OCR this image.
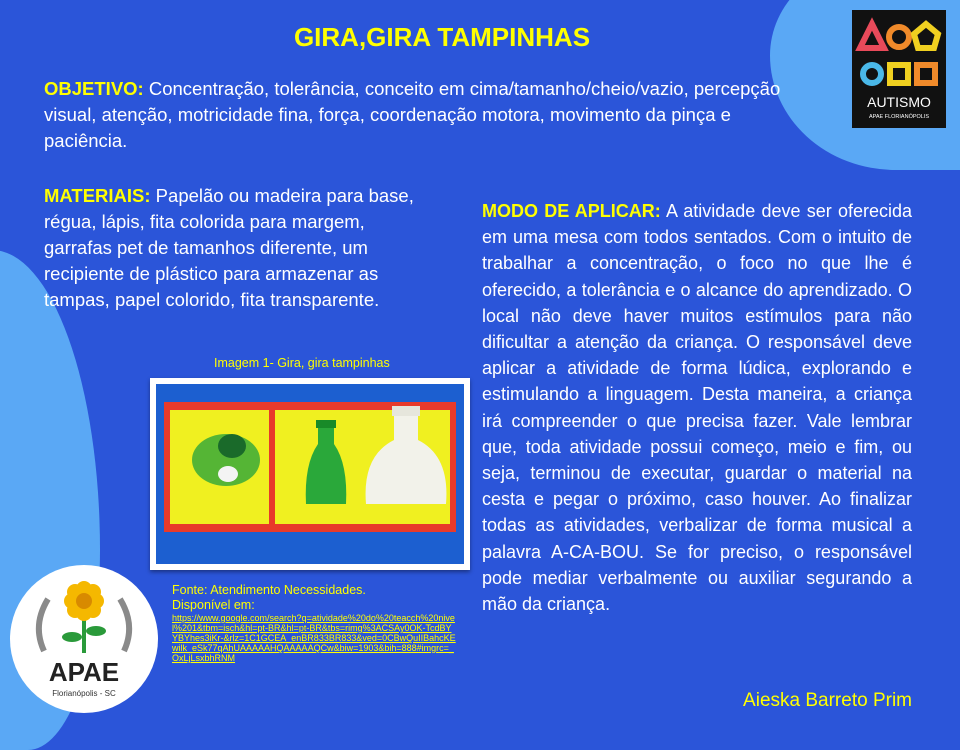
GIRA,GIRA TAMPINHAS
OBJETIVO: Concentração, tolerância, conceito em cima/tamanho/cheio/vazio, percepção visual, atenção, motricidade fina, força, coordenação motora, movimento da pinça e paciência.
MATERIAIS: Papelão ou madeira para base, régua, lápis, fita colorida para margem, garrafas pet de tamanhos diferente, um recipiente de plástico para armazenar as tampas, papel colorido, fita transparente.
MODO DE APLICAR: A atividade deve ser oferecida em uma mesa com todos sentados. Com o intuito de trabalhar a concentração, o foco no que lhe é oferecido, a tolerância e o alcance do aprendizado. O local não deve haver muitos estímulos para não dificultar a atenção da criança. O responsável deve aplicar a atividade de forma lúdica, explorando e estimulando a linguagem. Desta maneira, a criança irá compreender o que precisa fazer. Vale lembrar que, toda atividade possui começo, meio e fim, ou seja, terminou de executar, guardar o material na cesta e pegar o próximo, caso houver. Ao finalizar todas as atividades, verbalizar de forma musical a palavra A-CA-BOU. Se for preciso, o responsável pode mediar verbalmente ou auxiliar segurando a mão da criança.
Imagem 1- Gira, gira tampinhas
Fonte: Atendimento Necessidades.
Disponível em:
https://www.google.com/search?q=atividade%20do%20teacch%20nivel%201&tbm=isch&hl=pt-BR&hl=pt-BR&tbs=rimg%3ACSAy0OK-TcdBYYBYhes3iKr-&rlz=1C1GCEA_enBR833BR833&ved=0CBwQuIIBahcKEwilk_eSk77qAhUAAAAAHQAAAAAQCw&biw=1903&bih=888#imgrc=_OxLjLsxbhRNM
Aieska Barreto Prim
AUTISMO
APAE FLORIANÓPOLIS
APAE
Florianópolis - SC
